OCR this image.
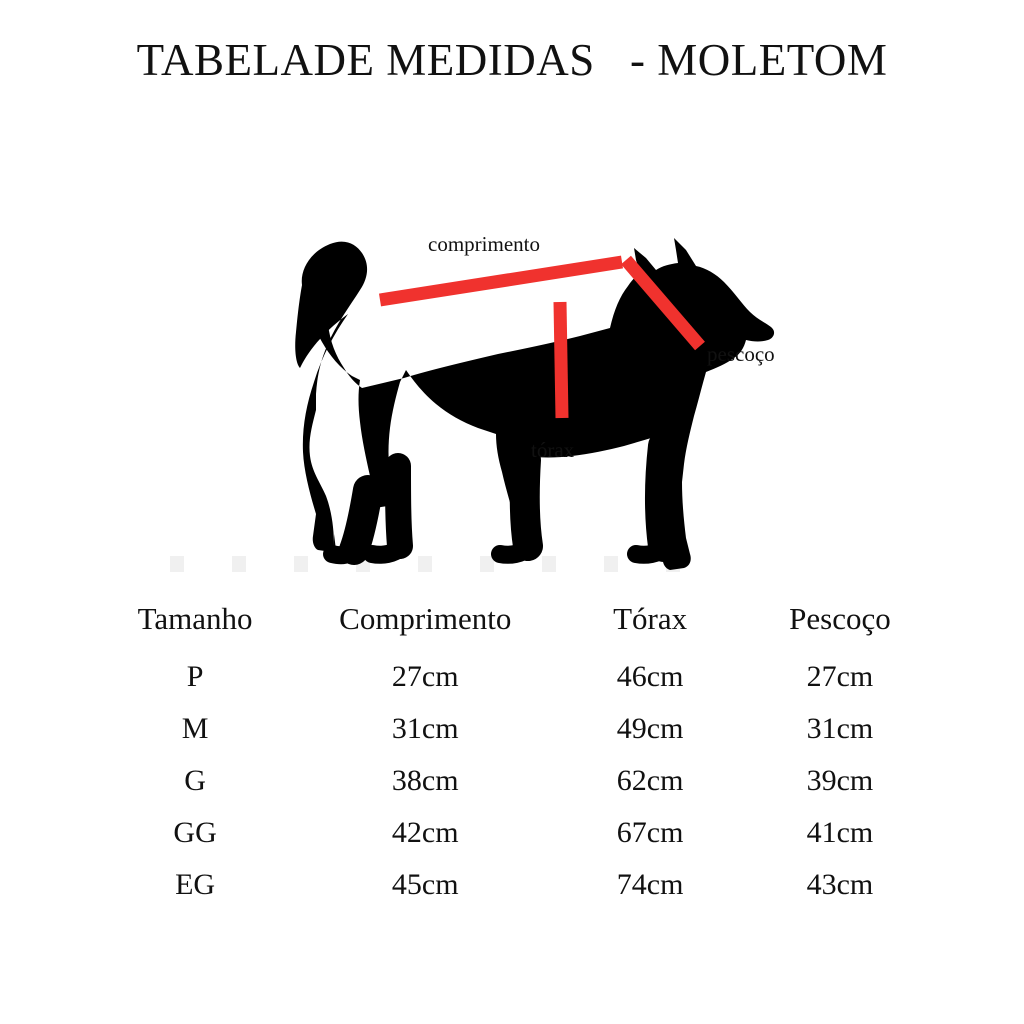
TABELADE MEDIDAS   - MOLETOM
comprimento
pescoço
tórax
Tamanho	Comprimento	Tórax	Pescoço
P	27cm	46cm	27cm
M	31cm	49cm	31cm
G	38cm	62cm	39cm
GG	42cm	67cm	41cm
EG	45cm	74cm	43cm
